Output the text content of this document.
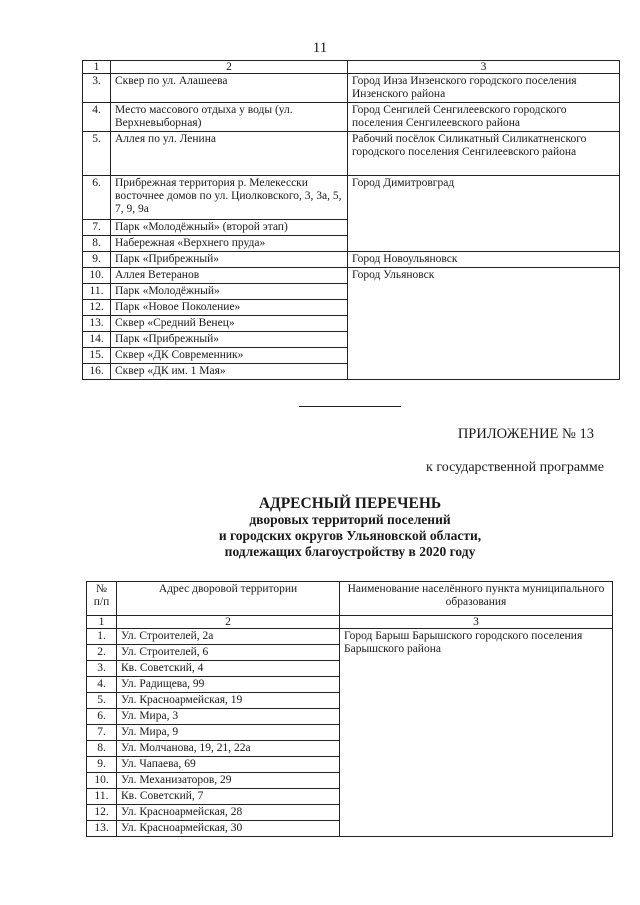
11
1	2	3
3.	Сквер по ул. Алашеева	Город Инза Инзенского городского поселения Инзенского района
4.	Место массового отдыха у воды (ул. Верхневыборная)	Город Сенгилей Сенгилеевского городского поселения Сенгилеевского района
5.	Аллея по ул. Ленина	Рабочий посёлок Силикатный Силикатненского городского поселения Сенгилеевского района
6.	Прибрежная территория р. Мелекесски восточнее домов по ул. Циолковского, 3, 3а, 5, 7, 9, 9а	Город Димитровград
7.	Парк «Молодёжный» (второй этап)	
8.	Набережная «Верхнего пруда»	
9.	Парк «Прибрежный»	Город Новоульяновск
10.	Аллея Ветеранов	Город Ульяновск
11.	Парк «Молодёжный»	
12.	Парк «Новое Поколение»	
13.	Сквер «Средний Венец»	
14.	Парк «Прибрежный»	
15.	Сквер «ДК Современник»	
16.	Сквер «ДК им. 1 Мая»	
ПРИЛОЖЕНИЕ № 13
к государственной программе
АДРЕСНЫЙ ПЕРЕЧЕНЬ
дворовых территорий поселений
и городских округов Ульяновской области,
подлежащих благоустройству в 2020 году
№ п/п	Адрес дворовой территории	Наименование населённого пункта муниципального образования
1	2	3
1.	Ул. Строителей, 2а	Город Барыш Барышского городского поселения Барышского района
2.	Ул. Строителей, 6	
3.	Кв. Советский, 4	
4.	Ул. Радищева, 99	
5.	Ул. Красноармейская, 19	
6.	Ул. Мира, 3	
7.	Ул. Мира, 9	
8.	Ул. Молчанова, 19, 21, 22а	
9.	Ул. Чапаева, 69	
10.	Ул. Механизаторов, 29	
11.	Кв. Советский, 7	
12.	Ул. Красноармейская, 28	
13.	Ул. Красноармейская, 30	
